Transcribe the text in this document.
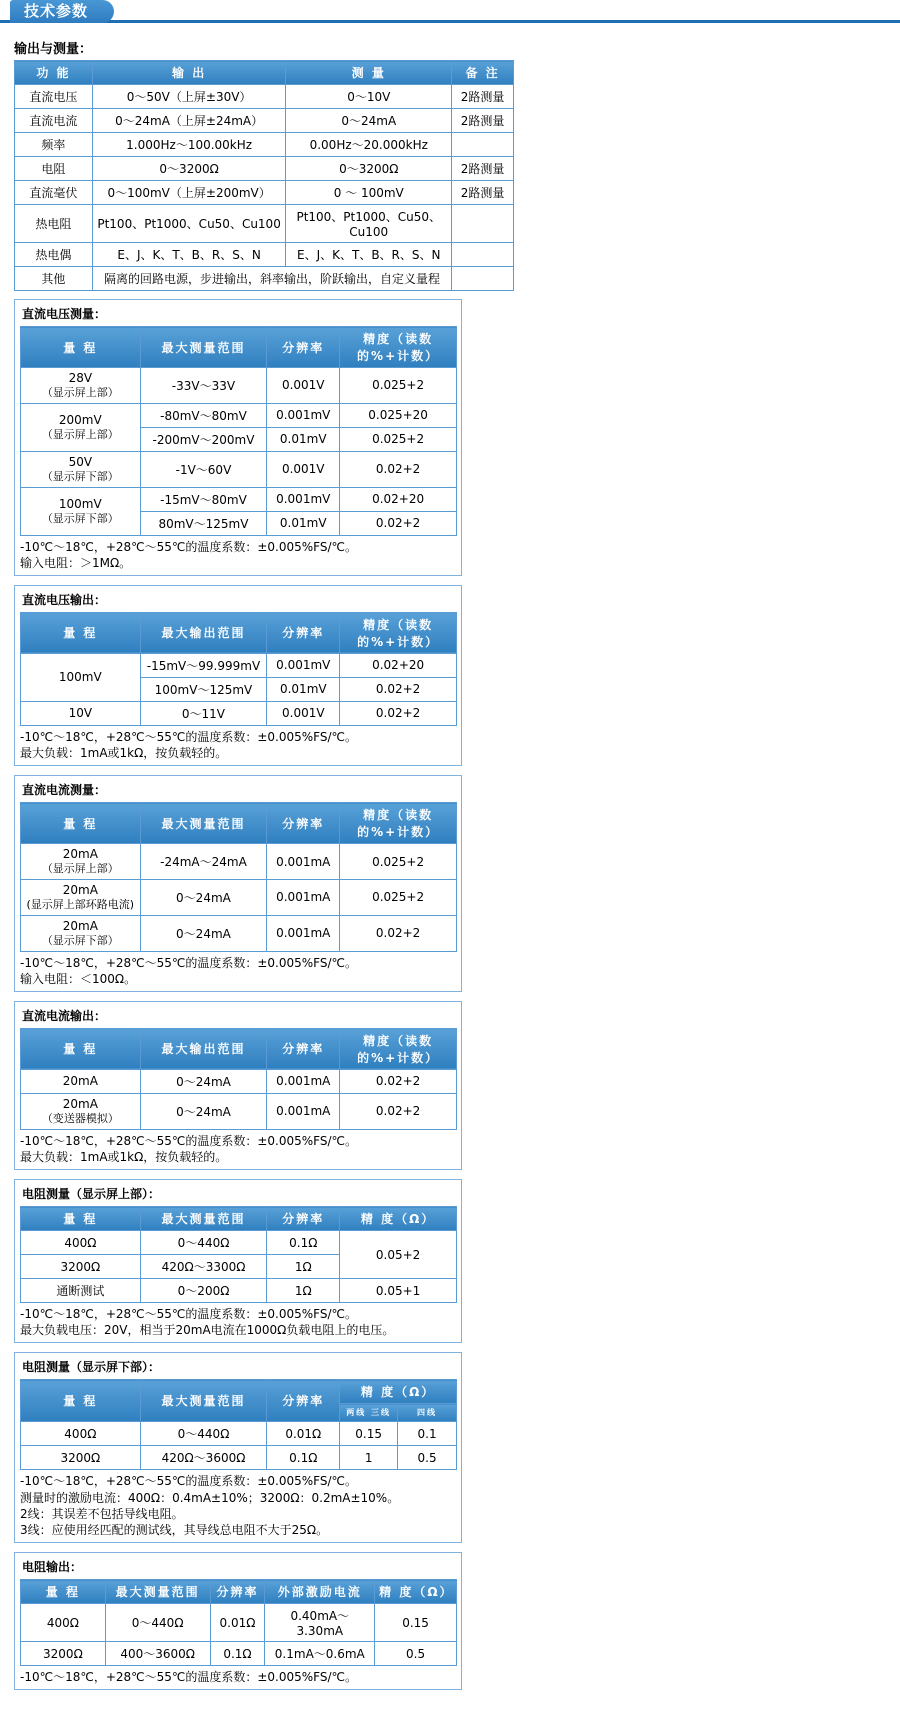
技术参数
输出与测量：
功 能	输 出	测 量	备 注
直流电压	0～50V（上屏±30V）	0～10V	2路测量
直流电流	0～24mA（上屏±24mA）	0～24mA	2路测量
频率	1.000Hz～100.00kHz	0.00Hz～20.000kHz	
电阻	0～3200Ω	0～3200Ω	2路测量
直流毫伏	0～100mV（上屏±200mV）	0 ～ 100mV	2路测量
热电阻	Pt100、Pt1000、Cu50、Cu100	Pt100、Pt1000、Cu50、Cu100	
热电偶	E、J、K、T、B、R、S、N	E、J、K、T、B、R、S、N	
其他	隔离的回路电源，步进输出，斜率输出，阶跃输出，自定义量程		
直流电压测量：
量 程	最大测量范围	分辨率	精度（读数的%+计数）
28V
（显示屏上部）	-33V～33V	0.001V	0.025+2
200mV
（显示屏上部）	-80mV～80mV	0.001mV	0.025+20
	-200mV～200mV	0.01mV	0.025+2
50V
（显示屏下部）	-1V～60V	0.001V	0.02+2
100mV
（显示屏下部）	-15mV～80mV	0.001mV	0.02+20
	80mV～125mV	0.01mV	0.02+2
-10℃～18℃，+28℃～55℃的温度系数：±0.005%FS/℃。
输入电阻：＞1MΩ。
直流电压输出：
量 程	最大输出范围	分辨率	精度（读数的%+计数）
100mV	-15mV～99.999mV	0.001mV	0.02+20
	100mV～125mV	0.01mV	0.02+2
10V	0～11V	0.001V	0.02+2
-10℃～18℃，+28℃～55℃的温度系数：±0.005%FS/℃。
最大负载：1mA或1kΩ，按负载轻的。
直流电流测量：
量 程	最大测量范围	分辨率	精度（读数的%+计数）
20mA
（显示屏上部）	-24mA～24mA	0.001mA	0.025+2
20mA
(显示屏上部环路电流)	0～24mA	0.001mA	0.025+2
20mA
（显示屏下部）	0～24mA	0.001mA	0.02+2
-10℃～18℃，+28℃～55℃的温度系数：±0.005%FS/℃。
输入电阻：＜100Ω。
直流电流输出：
量 程	最大输出范围	分辨率	精度（读数的%+计数）
20mA	0～24mA	0.001mA	0.02+2
20mA
（变送器模拟）	0～24mA	0.001mA	0.02+2
-10℃～18℃，+28℃～55℃的温度系数：±0.005%FS/℃。
最大负载：1mA或1kΩ，按负载轻的。
电阻测量（显示屏上部）：
量 程	最大测量范围	分辨率	精 度（Ω）
400Ω	0～440Ω	0.1Ω	0.05+2
3200Ω	420Ω～3300Ω	1Ω	
通断测试	0～200Ω	1Ω	0.05+1
-10℃～18℃，+28℃～55℃的温度系数：±0.005%FS/℃。
最大负载电压：20V，相当于20mA电流在1000Ω负载电阻上的电压。
电阻测量（显示屏下部）：
量 程	最大测量范围	分辨率	精 度（Ω）	
			两线 三线	四线
400Ω	0～440Ω	0.01Ω	0.15	0.1
3200Ω	420Ω～3600Ω	0.1Ω	1	0.5
-10℃～18℃，+28℃～55℃的温度系数：±0.005%FS/℃。
测量时的激励电流：400Ω：0.4mA±10%；3200Ω：0.2mA±10%。
2线：其误差不包括导线电阻。
3线：应使用经匹配的测试线，其导线总电阻不大于25Ω。
电阻输出：
量 程	最大测量范围	分辨率	外部激励电流	精 度（Ω）
400Ω	0～440Ω	0.01Ω	0.40mA～3.30mA	0.15
3200Ω	400～3600Ω	0.1Ω	0.1mA～0.6mA	0.5
-10℃～18℃，+28℃～55℃的温度系数：±0.005%FS/℃。
